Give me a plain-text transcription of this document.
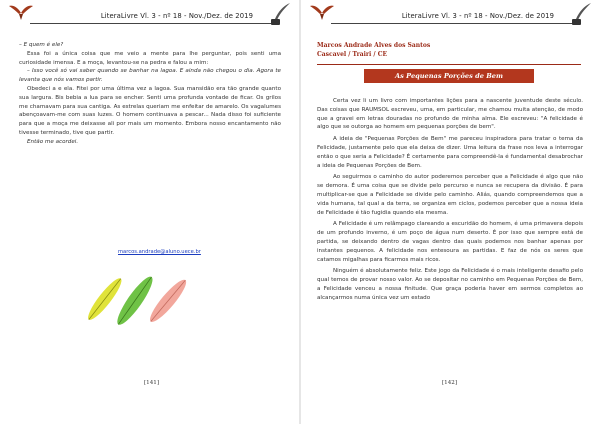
LiteraLivre Vl. 3 - nº 18 - Nov./Dez. de 2019

– E quem é ele?

Essa foi a única coisa que me veio a mente para lhe perguntar, pois senti uma curiosidade imensa. E a moça, levantou-se na pedra e falou a mim:

– Isso você só vai saber quando se banhar na lagoa. E ainda não chegou o dia. Agora te levanta que nós vamos partir.

Obedeci a e ela. Fitei por uma última vez a lagoa. Sua mansidão era tão grande quanto sua largura. Bis bebia a lua para se encher. Senti uma profunda vontade de ficar. Os grilos me chamavam para sua cantiga. As estrelas queriam me enfeitar de amarelo. Os vagalumes abençoavam-me com suas luzes. O homem continuava a pescar... Nada disso foi suficiente para que a moça me deixasse ali por mais um momento. Embora nosso encantamento não tivesse terminado, tive que partir.

Então me acordei.

marcos.andrade@aluno.uece.br
[141]
LiteraLivre Vl. 3 - nº 18 - Nov./Dez. de 2019
Marcos Andrade Alves dos Santos
Cascavel / Trairi / CE
As Pequenas Porções de Bem

Certa vez li um livro com importantes lições para a nascente juventude deste século. Das coisas que RAUMSOL escreveu, uma, em particular, me chamou muita atenção, de modo que a gravei em letras douradas no profundo de minha alma. Ele escreveu: "A felicidade é algo que se outorga ao homem em pequenas porções de bem".

A ideia de "Pequenas Porções de Bem" me pareceu inspiradora para tratar o tema da Felicidade, justamente pelo que ela deixa de dizer. Uma leitura da frase nos leva a interrogar então o que seria a Felicidade? É certamente para compreendê-la é fundamental desabrochar a ideia de Pequenas Porções de Bem.

Ao seguirmos o caminho do autor poderemos perceber que a Felicidade é algo que não se demora. É uma coisa que se divide pelo percurso e nunca se recupera da divisão. É para multiplicar-se que a Felicidade se divide pelo caminho. Aliás, quando compreendemos que a vida humana, tal qual a da terra, se organiza em ciclos, podemos perceber que a nossa ideia de Felicidade é tão fugidia quando ela mesma.

A Felicidade é um relâmpago clareando a escuridão do homem, é uma primavera depois de um profundo inverno, é um poço de água num deserto. É por isso que sempre está de partida, se deixando dentro de vagas dentro das quais podemos nos banhar apenas por instantes pequenos. A felicidade nos entesoura as partidas. E faz de nós os seres que catamos migalhas para ficarmos mais ricos.

Ninguém é absolutamente feliz. Este jogo da Felicidade é o mais inteligente desafio pelo qual temos de provar nosso valor. Ao se depositar no caminho em Pequenas Porções de Bem, a Felicidade venceu a nossa finitude. Que graça poderia haver em sermos completos ao alcançarmos numa única vez um estado

[142]
